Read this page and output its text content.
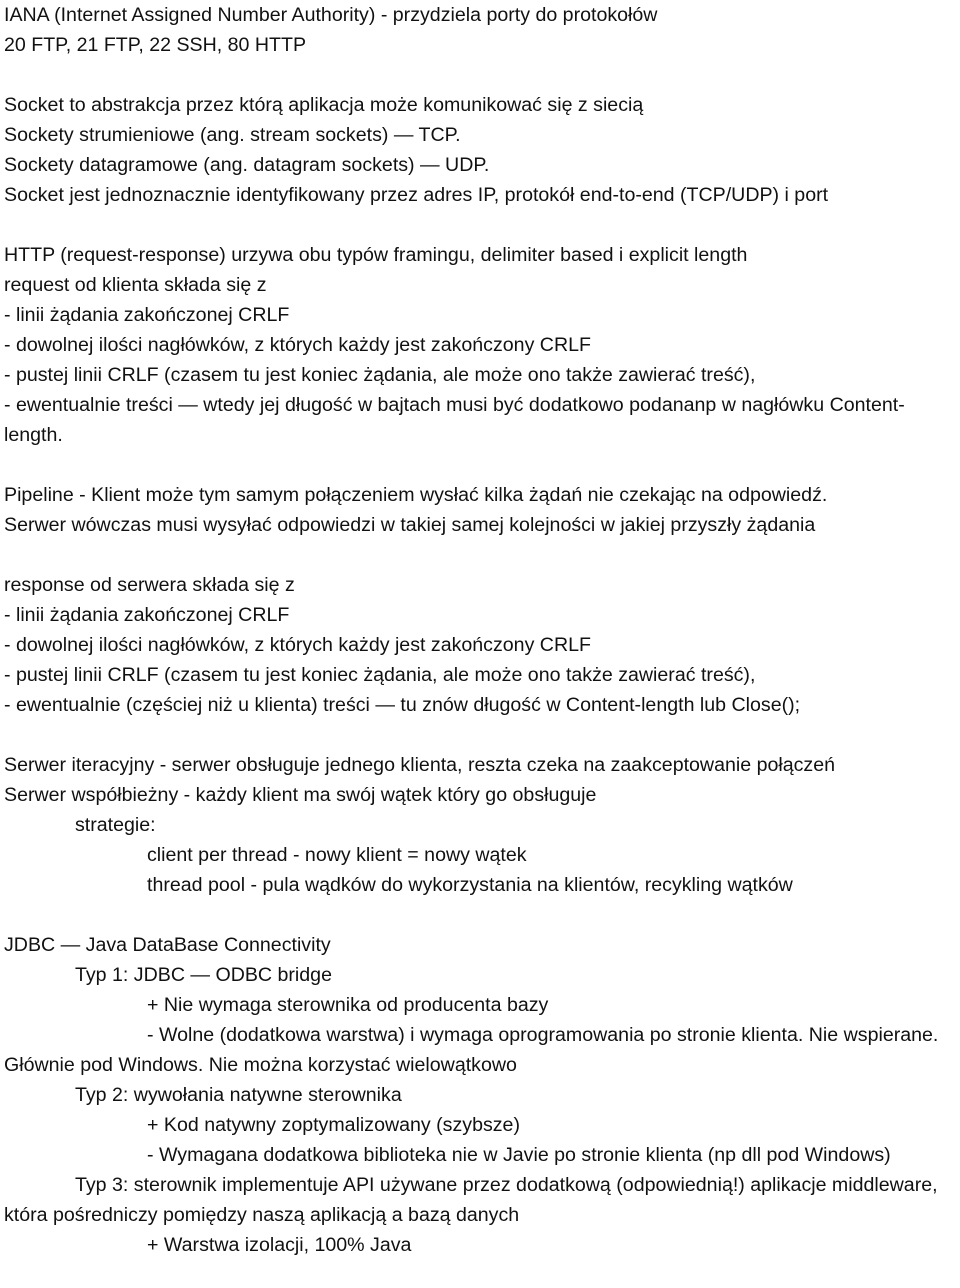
IANA (Internet Assigned Number Authority) - przydziela porty do protokołów
20 FTP, 21 FTP, 22 SSH, 80 HTTP
Socket to abstrakcja przez którą aplikacja może komunikować się z siecią
Sockety strumieniowe (ang. stream sockets) — TCP.
Sockety datagramowe (ang. datagram sockets) — UDP.
Socket jest jednoznacznie identyfikowany przez adres IP, protokół end-to-end (TCP/UDP) i port
HTTP (request-response) urzywa obu typów framingu, delimiter based i explicit length
request od klienta składa się z
- linii żądania zakończonej CRLF
- dowolnej ilości nagłówków, z których każdy jest zakończony CRLF
- pustej linii CRLF (czasem tu jest koniec żądania, ale może ono także zawierać treść),
- ewentualnie treści — wtedy jej długość w bajtach musi być dodatkowo podananp w nagłówku Content-length.
Pipeline - Klient może tym samym połączeniem wysłać kilka żądań nie czekając na odpowiedź.
Serwer wówczas musi wysyłać odpowiedzi w takiej samej kolejności w jakiej przyszły żądania
response od serwera składa się z
- linii żądania zakończonej CRLF
- dowolnej ilości nagłówków, z których każdy jest zakończony CRLF
- pustej linii CRLF (czasem tu jest koniec żądania, ale może ono także zawierać treść),
- ewentualnie (częściej niż u klienta) treści — tu znów długość w Content-length lub Close();
Serwer iteracyjny - serwer obsługuje jednego klienta, reszta czeka na zaakceptowanie połączeń
Serwer współbieżny - każdy klient ma swój wątek który go obsługuje
strategie:
client per thread - nowy klient = nowy wątek
thread pool - pula wądków do wykorzystania na klientów, recykling wątków
JDBC — Java DataBase Connectivity
Typ 1: JDBC — ODBC bridge
+ Nie wymaga sterownika od producenta bazy
- Wolne (dodatkowa warstwa) i wymaga oprogramowania po stronie klienta. Nie wspierane. Głównie pod Windows. Nie można korzystać wielowątkowo
Typ 2: wywołania natywne sterownika
+ Kod natywny zoptymalizowany (szybsze)
- Wymagana dodatkowa biblioteka nie w Javie po stronie klienta (np dll pod Windows)
Typ 3: sterownik implementuje API używane przez dodatkową (odpowiednią!) aplikacje middleware, która pośredniczy pomiędzy naszą aplikacją a bazą danych
+ Warstwa izolacji, 100% Java
